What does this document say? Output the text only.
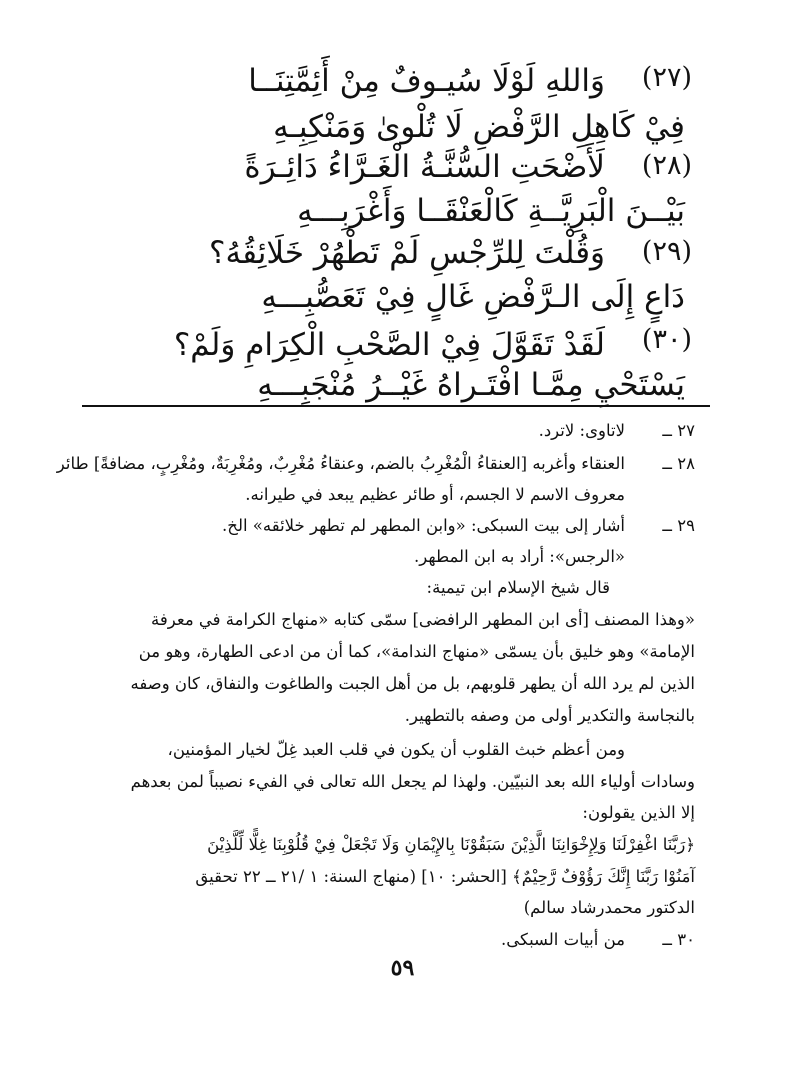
(٢٧)
وَاللهِ لَوْلَا سُيـوفٌ مِنْ أَئِمَّتِنَــا
فِيْ كَاهِلِ الرَّفْضِ لَا تُلْوىٰ وَمَنْكِبِـهِ
(٢٨)
لَأَضْحَتِ السُّنَّـةُ الْغَـرَّاءُ دَائِـرَةً
بَيْــنَ الْبَرِيَّــةِ كَالْعَنْقَــا وَأَغْرَبِـــهِ
(٢٩)
وَقُلْتَ لِلرِّجْسِ لَمْ تَطْهُرْ خَلَائِقُهُ؟
دَاعٍ إِلَى الـرَّفْضِ غَالٍ فِيْ تَعَصُّبِـــهِ
(٣٠)
لَقَدْ تَقَوَّلَ فِيْ الصَّحْبِ الْكِرَامِ وَلَمْ؟
يَسْتَحْيِ مِمَّـا افْتَـراهُ غَيْــرُ مُنْجَبِـــهِ
٢٧ ــ
لاتاوى: لاترد.
٢٨ ــ
العنقاء وأغربه [العنقاءُ الْمُغْرِبُ بالضم، وعنقاءُ مُغْرِبٌ، ومُغْرِبَةٌ، ومُغْرِبٍ، مضافةً] طائر
معروف الاسم لا الجسم، أو طائر عظيم يبعد في طيرانه.
٢٩ ــ
أشار إلى بيت السبكى: «وابن المطهر لم تطهر خلائقه» الخ.
«الرجس»: أراد به ابن المطهر.
قال شيخ الإسلام ابن تيمية:
«وهذا المصنف [أى ابن المطهر الرافضى] سمّى كتابه «منهاج الكرامة في معرفة
الإمامة» وهو خليق بأن يسمّى «منهاج الندامة»، كما أن من ادعى الطهارة، وهو من
الذين لم يرد الله أن يطهر قلوبهم، بل من أهل الجبت والطاغوت والنفاق، كان وصفه
بالنجاسة والتكدير أولى من وصفه بالتطهير.
ومن أعظم خبث القلوب أن يكون في قلب العبد غِلّ لخيار المؤمنين،
وسادات أولياء الله بعد النبيّين. ولهذا لم يجعل الله تعالى في الفيء نصيباً لمن بعدهم
إلا الذين يقولون:
﴿رَبَّنَا اغْفِرْلَنَا وَلِإِخْوَانِنَا الَّذِيْنَ سَبَقُوْنَا بِالإِيْمَانِ وَلَا تَجْعَلْ فِيْ قُلُوْبِنَا غِلًّا لِّلَّذِيْنَ
آمَنُوْا رَبَّنَا إِنَّكَ رَؤُوْفٌ رَّحِيْمٌ﴾ [الحشر: ١٠] (منهاج السنة: ١ /٢١ ــ ٢٢ تحقيق
الدكتور محمدرشاد سالم)
٣٠ ــ
من أبيات السبكى.
٥٩
